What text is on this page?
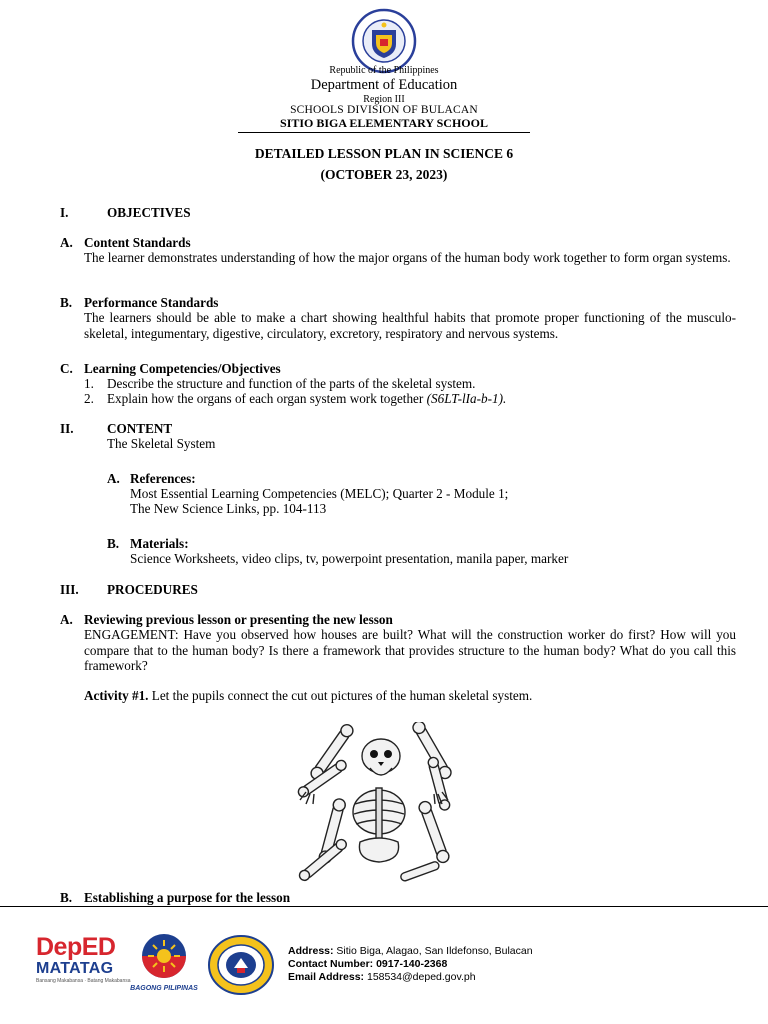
Republic of the Philippines
Department of Education
Region III
SCHOOLS DIVISION OF BULACAN
SITIO BIGA ELEMENTARY SCHOOL
DETAILED LESSON PLAN IN SCIENCE 6
(OCTOBER 23, 2023)
I.	OBJECTIVES
A. Content Standards
The learner demonstrates understanding of how the major organs of the human body work together to form organ systems.
B. Performance Standards
The learners should be able to make a chart showing healthful habits that promote proper functioning of the musculo-skeletal, integumentary, digestive, circulatory, excretory, respiratory and nervous systems.
C. Learning Competencies/Objectives
1. Describe the structure and function of the parts of the skeletal system.
2. Explain how the organs of each organ system work together (S6LT-lIa-b-1).
II.	CONTENT
The Skeletal System
A. References:
Most Essential Learning Competencies (MELC); Quarter 2 - Module 1;
The New Science Links, pp. 104-113
B. Materials:
Science Worksheets, video clips, tv, powerpoint presentation, manila paper, marker
III. PROCEDURES
A. Reviewing previous lesson or presenting the new lesson
ENGAGEMENT: Have you observed how houses are built? What will the construction worker do first? How will you compare that to the human body? Is there a framework that provides structure to the human body? What do you call this framework?
Activity #1. Let the pupils connect the cut out pictures of the human skeletal system.
B. Establishing a purpose for the lesson
DepED
MATATAG
Bansang Makabansa · Batang Makabansa
BAGONG PILIPINAS
Address: Sitio Biga, Alagao, San Ildefonso, Bulacan
Contact Number: 0917-140-2368
Email Address: 158534@deped.gov.ph
